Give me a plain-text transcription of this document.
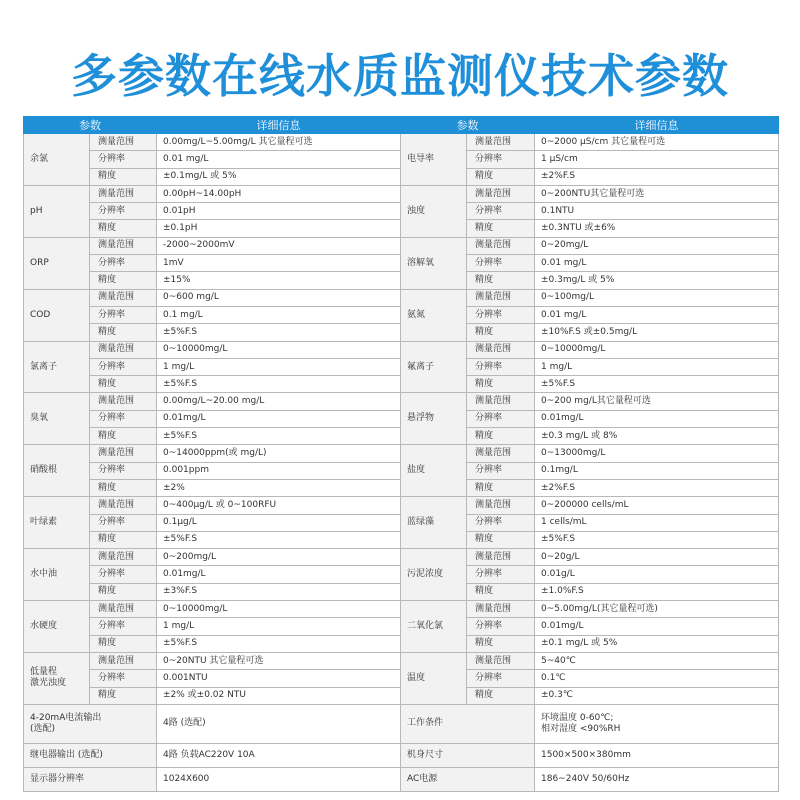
多参数在线水质监测仪技术参数
参数		详细信息	参数		详细信息
余氯	测量范围	0.00mg/L~5.00mg/L 其它量程可选	电导率	测量范围	0~2000 μS/cm 其它量程可选
	分辨率	0.01 mg/L		分辨率	1 μS/cm
	精度	±0.1mg/L 或 5%		精度	±2%F.S
pH	测量范围	0.00pH~14.00pH	浊度	测量范围	0~200NTU其它量程可选
	分辨率	0.01pH		分辨率	0.1NTU
	精度	±0.1pH		精度	±0.3NTU 或±6%
ORP	测量范围	-2000~2000mV	溶解氧	测量范围	0~20mg/L
	分辨率	1mV		分辨率	0.01 mg/L
	精度	±15%		精度	±0.3mg/L 或 5%
COD	测量范围	0~600 mg/L	氨氮	测量范围	0~100mg/L
	分辨率	0.1 mg/L		分辨率	0.01 mg/L
	精度	±5%F.S		精度	±10%F.S 或±0.5mg/L
氯离子	测量范围	0~10000mg/L	氟离子	测量范围	0~10000mg/L
	分辨率	1 mg/L		分辨率	1 mg/L
	精度	±5%F.S		精度	±5%F.S
臭氧	测量范围	0.00mg/L~20.00 mg/L	悬浮物	测量范围	0~200 mg/L其它量程可选
	分辨率	0.01mg/L		分辨率	0.01mg/L
	精度	±5%F.S		精度	±0.3 mg/L 或 8%
硝酸根	测量范围	0~14000ppm(或 mg/L)	盐度	测量范围	0~13000mg/L
	分辨率	0.001ppm		分辨率	0.1mg/L
	精度	±2%		精度	±2%F.S
叶绿素	测量范围	0~400μg/L 或 0~100RFU	蓝绿藻	测量范围	0~200000 cells/mL
	分辨率	0.1μg/L		分辨率	1 cells/mL
	精度	±5%F.S		精度	±5%F.S
水中油	测量范围	0~200mg/L	污泥浓度	测量范围	0~20g/L
	分辨率	0.01mg/L		分辨率	0.01g/L
	精度	±3%F.S		精度	±1.0%F.S
水硬度	测量范围	0~10000mg/L	二氧化氯	测量范围	0~5.00mg/L(其它量程可选)
	分辨率	1 mg/L		分辨率	0.01mg/L
	精度	±5%F.S		精度	±0.1 mg/L 或 5%
低量程
激光浊度	测量范围	0~20NTU 其它量程可选	温度	测量范围	5~40℃
	分辨率	0.001NTU		分辨率	0.1℃
	精度	±2% 或±0.02 NTU		精度	±0.3℃
4-20mA电流输出
(选配)		4路 (选配)	工作条件		环境温度 0-60℃;
相对湿度 <90%RH
继电器输出 (选配)		4路 负载AC220V 10A	机身尺寸		1500×500×380mm
显示器分辨率		1024X600	AC电源		186~240V 50/60Hz
